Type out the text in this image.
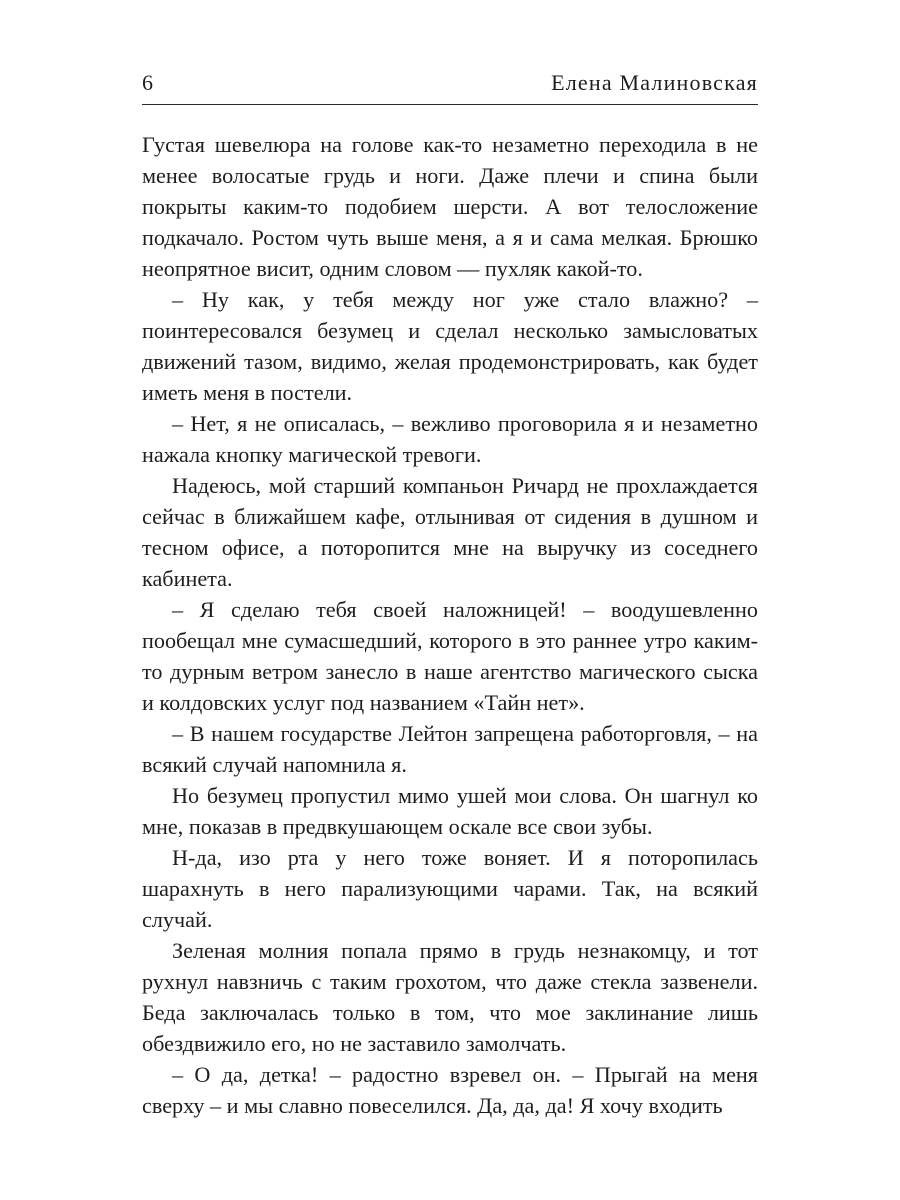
6	Елена Малиновская

Густая шевелюра на голове как-то незаметно переходила в не менее волосатые грудь и ноги. Даже плечи и спина были покрыты каким-то подобием шерсти. А вот телосложение подкачало. Ростом чуть выше меня, а я и сама мелкая. Брюшко неопрятное висит, одним словом — пухляк какой-то.

– Ну как, у тебя между ног уже стало влажно? – поинтересовался безумец и сделал несколько замысловатых движений тазом, видимо, желая продемонстрировать, как будет иметь меня в постели.

– Нет, я не описалась, – вежливо проговорила я и незаметно нажала кнопку магической тревоги.

Надеюсь, мой старший компаньон Ричард не прохлаждается сейчас в ближайшем кафе, отлынивая от сидения в душном и тесном офисе, а поторопится мне на выручку из соседнего кабинета.

– Я сделаю тебя своей наложницей! – воодушевленно пообещал мне сумасшедший, которого в это раннее утро каким-то дурным ветром занесло в наше агентство магического сыска и колдовских услуг под названием «Тайн нет».

– В нашем государстве Лейтон запрещена работорговля, – на всякий случай напомнила я.

Но безумец пропустил мимо ушей мои слова. Он шагнул ко мне, показав в предвкушающем оскале все свои зубы.

Н-да, изо рта у него тоже воняет. И я поторопилась шарахнуть в него парализующими чарами. Так, на всякий случай.

Зеленая молния попала прямо в грудь незнакомцу, и тот рухнул навзничь с таким грохотом, что даже стекла зазвенели. Беда заключалась только в том, что мое заклинание лишь обездвижило его, но не заставило замолчать.

– О да, детка! – радостно взревел он. – Прыгай на меня сверху – и мы славно повеселился. Да, да, да! Я хочу входить
